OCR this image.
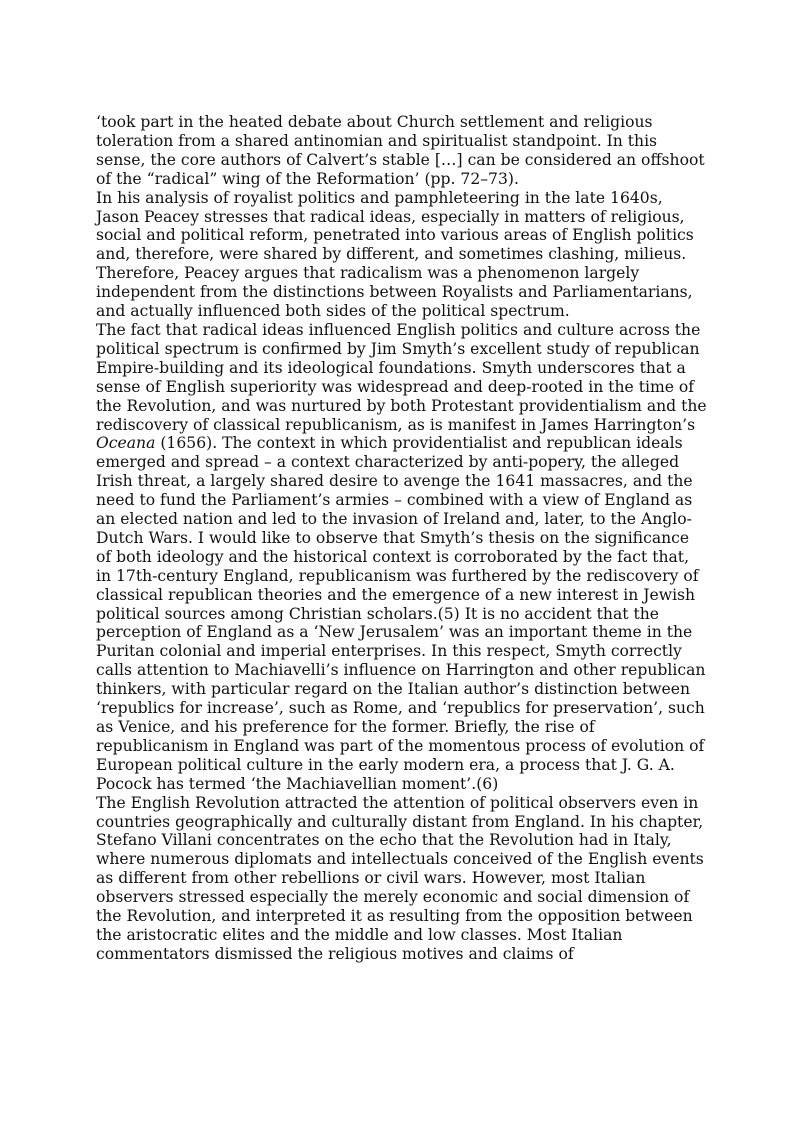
‘took part in the heated debate about Church settlement and religious toleration from a shared antinomian and spiritualist standpoint. In this sense, the core authors of Calvert’s stable […] can be considered an offshoot of the “radical” wing of the Reformation’ (pp. 72–73).

In his analysis of royalist politics and pamphleteering in the late 1640s, Jason Peacey stresses that radical ideas, especially in matters of religious, social and political reform, penetrated into various areas of English politics and, therefore, were shared by different, and sometimes clashing, milieus. Therefore, Peacey argues that radicalism was a phenomenon largely independent from the distinctions between Royalists and Parliamentarians, and actually influenced both sides of the political spectrum.

The fact that radical ideas influenced English politics and culture across the political spectrum is confirmed by Jim Smyth’s excellent study of republican Empire-building and its ideological foundations. Smyth underscores that a sense of English superiority was widespread and deep-rooted in the time of the Revolution, and was nurtured by both Protestant providentialism and the rediscovery of classical republicanism, as is manifest in James Harrington’s Oceana (1656). The context in which providentialist and republican ideals emerged and spread – a context characterized by anti-popery, the alleged Irish threat, a largely shared desire to avenge the 1641 massacres, and the need to fund the Parliament’s armies – combined with a view of England as an elected nation and led to the invasion of Ireland and, later, to the Anglo-Dutch Wars. I would like to observe that Smyth’s thesis on the significance of both ideology and the historical context is corroborated by the fact that, in 17th-century England, republicanism was furthered by the rediscovery of classical republican theories and the emergence of a new interest in Jewish political sources among Christian scholars.(5) It is no accident that the perception of England as a ‘New Jerusalem’ was an important theme in the Puritan colonial and imperial enterprises. In this respect, Smyth correctly calls attention to Machiavelli’s influence on Harrington and other republican thinkers, with particular regard on the Italian author’s distinction between ‘republics for increase’, such as Rome, and ‘republics for preservation’, such as Venice, and his preference for the former. Briefly, the rise of republicanism in England was part of the momentous process of evolution of European political culture in the early modern era, a process that J. G. A. Pocock has termed ‘the Machiavellian moment’.(6)

The English Revolution attracted the attention of political observers even in countries geographically and culturally distant from England. In his chapter, Stefano Villani concentrates on the echo that the Revolution had in Italy, where numerous diplomats and intellectuals conceived of the English events as different from other rebellions or civil wars. However, most Italian observers stressed especially the merely economic and social dimension of the Revolution, and interpreted it as resulting from the opposition between the aristocratic elites and the middle and low classes. Most Italian commentators dismissed the religious motives and claims of
